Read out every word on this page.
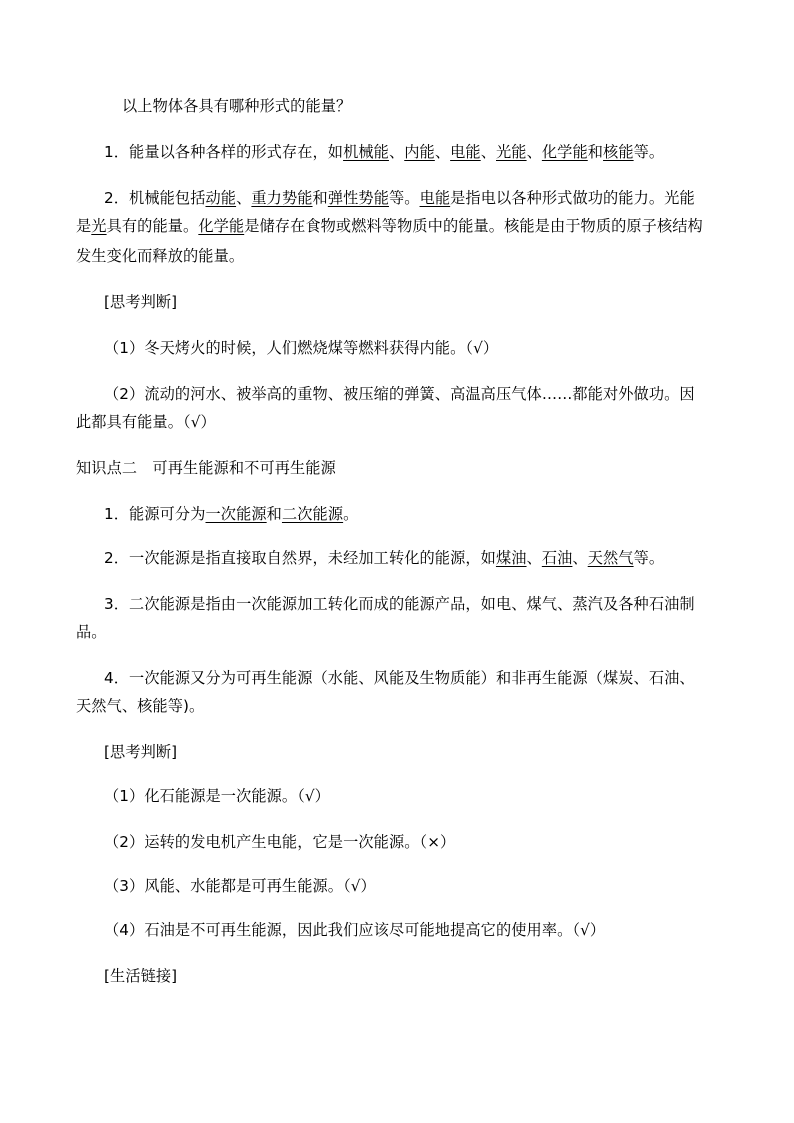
以上物体各具有哪种形式的能量？
1．能量以各种各样的形式存在，如机械能、内能、电能、光能、化学能和核能等。
2．机械能包括动能、重力势能和弹性势能等。电能是指电以各种形式做功的能力。光能
是光具有的能量。化学能是储存在食物或燃料等物质中的能量。核能是由于物质的原子核结构
发生变化而释放的能量。
[思考判断]
（1）冬天烤火的时候，人们燃烧煤等燃料获得内能。（√）
（2）流动的河水、被举高的重物、被压缩的弹簧、高温高压气体……都能对外做功。因
此都具有能量。（√）
知识点二　可再生能源和不可再生能源
1．能源可分为一次能源和二次能源。
2．一次能源是指直接取自然界，未经加工转化的能源，如煤油、石油、天然气等。
3．二次能源是指由一次能源加工转化而成的能源产品，如电、煤气、蒸汽及各种石油制
品。
4．一次能源又分为可再生能源（水能、风能及生物质能）和非再生能源（煤炭、石油、
天然气、核能等)。
[思考判断]
（1）化石能源是一次能源。（√）
（2）运转的发电机产生电能，它是一次能源。（×）
（3）风能、水能都是可再生能源。（√）
（4）石油是不可再生能源，因此我们应该尽可能地提高它的使用率。（√）
[生活链接]
